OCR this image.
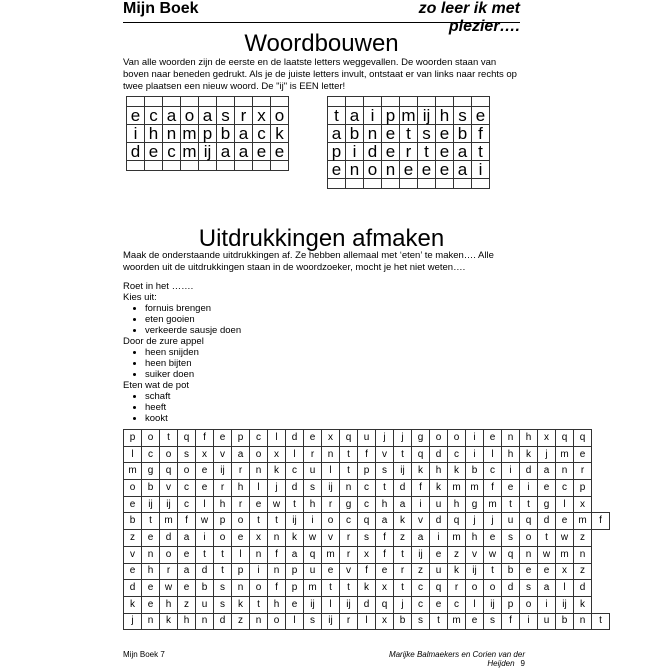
Mijn Boek	zo leer ik met plezier….
Woordbouwen
Van alle woorden zijn de eerste en de laatste letters weggevallen. De woorden staan van boven naar beneden gedrukt. Als je de juiste letters invult, ontstaat er van links naar rechts op twee plaatsen een nieuw woord. De "ij" is EEN letter!

e	c	a	o	a	s	r	x	o
i	h	n	m	p	b	a	c	k
d	e	c	m	ij	a	a	e	e

t	a	i	p	m	ij	h	s	e
a	b	n	e	t	s	e	b	f
p	i	d	e	r	t	e	a	t
e	n	o	n	e	e	e	a	i

Uitdrukkingen afmaken
Maak de onderstaande uitdrukkingen af. Ze hebben allemaal met ‘eten’ te maken…. Alle woorden uit de uitdrukkingen staan in de woordzoeker, mocht je het niet weten….
Roet in het …….
Kies uit:
• fornuis brengen
• eten gooien
• verkeerde sausje doen
Door de zure appel
• heen snijden
• heen bijten
• suiker doen
Eten wat de pot
• schaft
• heeft
• kookt
p	o	t	q	f	e	p	c	l	d	e	x	q	u	j	j	g	o	o	i	e	n	h	x	q	q	
l	c	o	s	x	v	a	o	x	l	r	n	t	f	v	t	q	d	c	i	l	h	k	j	m	e	
m	g	q	o	e	ij	r	n	k	c	u	l	t	p	s	ij	k	h	k	b	c	i	d	a	n	r	
o	b	v	c	e	r	h	l	j	d	s	ij	n	c	t	d	f	k	m	m	f	e	i	e	c	p	
e	ij	ij	c	l	h	r	e	w	t	h	r	g	c	h	a	i	u	h	g	m	t	t	g	l	x	
b	t	m	f	w	p	o	t	t	ij	i	o	c	q	a	k	v	d	q	j	j	u	q	d	e	m	f
z	e	d	a	i	o	e	x	n	k	w	v	r	s	f	z	a	i	m	h	e	s	o	t	w	z	
v	n	o	e	t	t	l	n	f	a	q	m	r	x	f	t	ij	e	z	v	w	q	n	w	m	n	
e	h	r	a	d	t	p	i	n	p	u	e	v	f	e	r	z	u	k	ij	t	b	e	e	x	z	
d	e	w	e	b	s	n	o	f	p	m	t	t	k	x	t	c	q	r	o	o	d	s	a	l	d	
k	e	h	z	u	s	k	t	h	e	ij	l	ij	d	q	j	c	e	c	l	ij	p	o	i	ij	k	
j	n	k	h	n	d	z	n	o	l	s	ij	r	l	x	b	s	t	m	e	s	f	i	u	b	n	t
Mijn Boek 7	Marijke Balmaekers en Corien van der Heijden 9
